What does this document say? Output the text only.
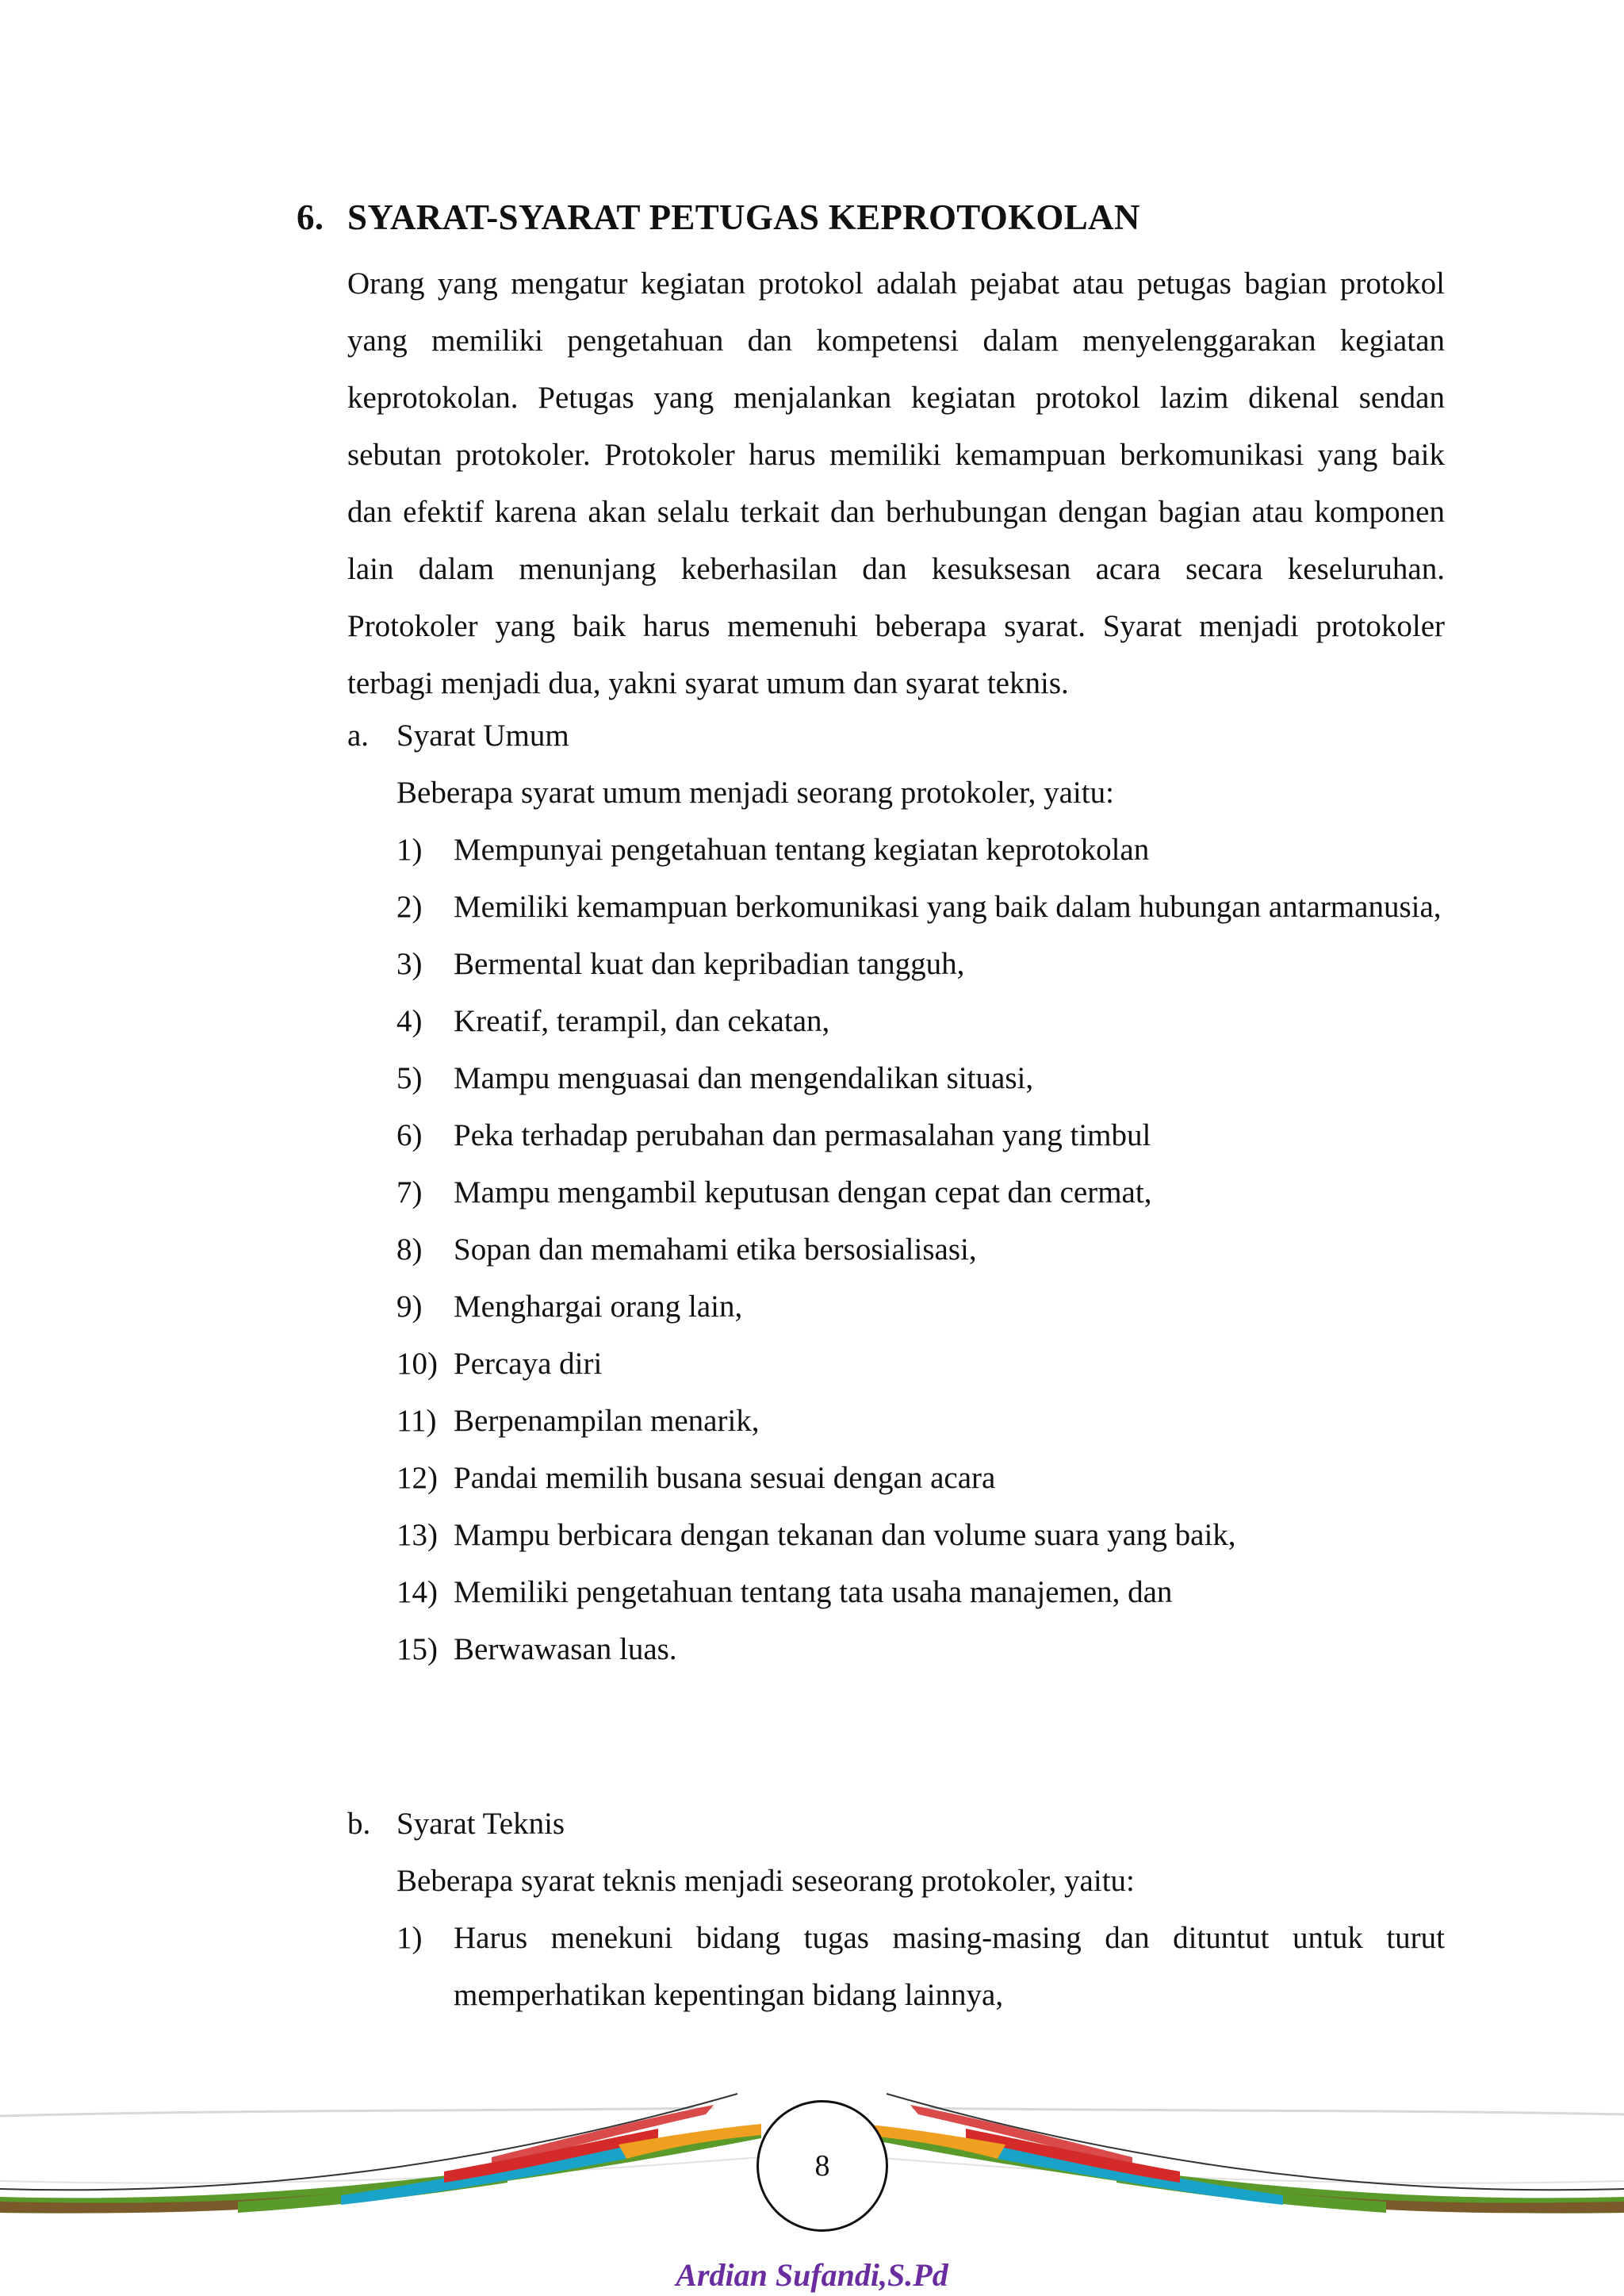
6. SYARAT-SYARAT PETUGAS KEPROTOKOLAN

Orang yang mengatur kegiatan protokol adalah pejabat atau petugas bagian protokol yang memiliki pengetahuan dan kompetensi dalam menyelenggarakan kegiatan keprotokolan. Petugas yang menjalankan kegiatan protokol lazim dikenal sendan sebutan protokoler. Protokoler harus memiliki kemampuan berkomunikasi yang baik dan efektif karena akan selalu terkait dan berhubungan dengan bagian atau komponen lain dalam menunjang keberhasilan dan kesuksesan acara secara keseluruhan. Protokoler yang baik harus memenuhi beberapa syarat. Syarat menjadi protokoler terbagi menjadi dua, yakni syarat umum dan syarat teknis.

a. Syarat Umum
Beberapa syarat umum menjadi seorang protokoler, yaitu:
1)	Mempunyai pengetahuan tentang kegiatan keprotokolan
2)	Memiliki kemampuan berkomunikasi yang baik dalam hubungan antarmanusia,
3)	Bermental kuat dan kepribadian tangguh,
4)	Kreatif, terampil, dan cekatan,
5)	Mampu menguasai dan mengendalikan situasi,
6)	Peka terhadap perubahan dan permasalahan yang timbul
7)	Mampu mengambil keputusan dengan cepat dan cermat,
8)	Sopan dan memahami etika bersosialisasi,
9)	Menghargai orang lain,
10) Percaya diri
11) Berpenampilan menarik,
12) Pandai memilih busana sesuai dengan acara
13) Mampu berbicara dengan tekanan dan volume suara yang baik,
14) Memiliki pengetahuan tentang tata usaha manajemen, dan
15) Berwawasan luas.
b. Syarat Teknis
Beberapa syarat teknis menjadi seseorang protokoler, yaitu:
1)	Harus menekuni bidang tugas masing-masing dan dituntut untuk turut memperhatikan kepentingan bidang lainnya,
8
Ardian Sufandi,S.Pd
